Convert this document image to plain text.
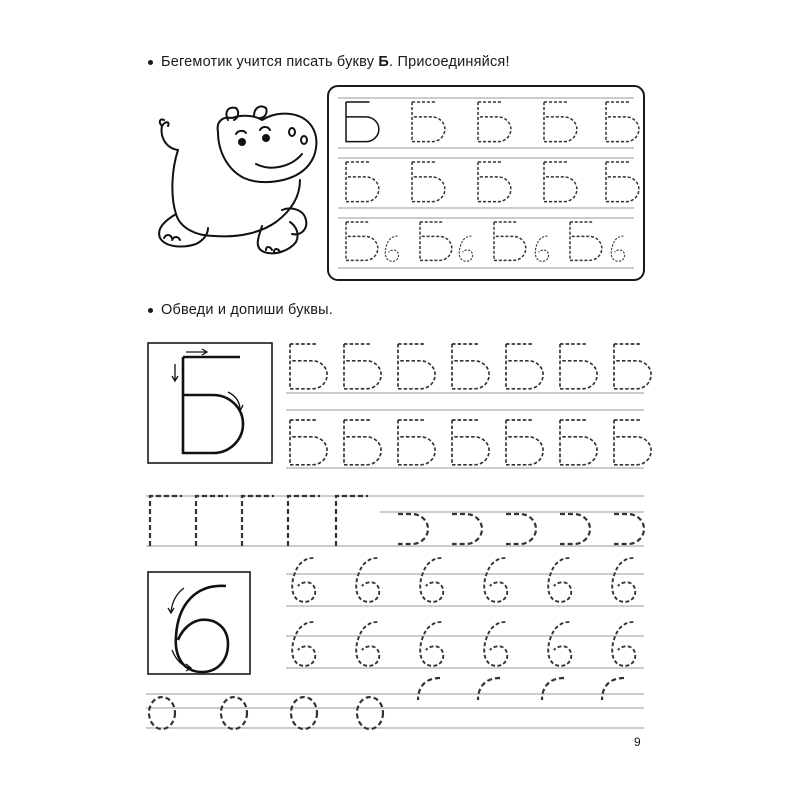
Бегемотик учится писать букву Б. Присоединяйся!
Обведи и допиши буквы.
9
